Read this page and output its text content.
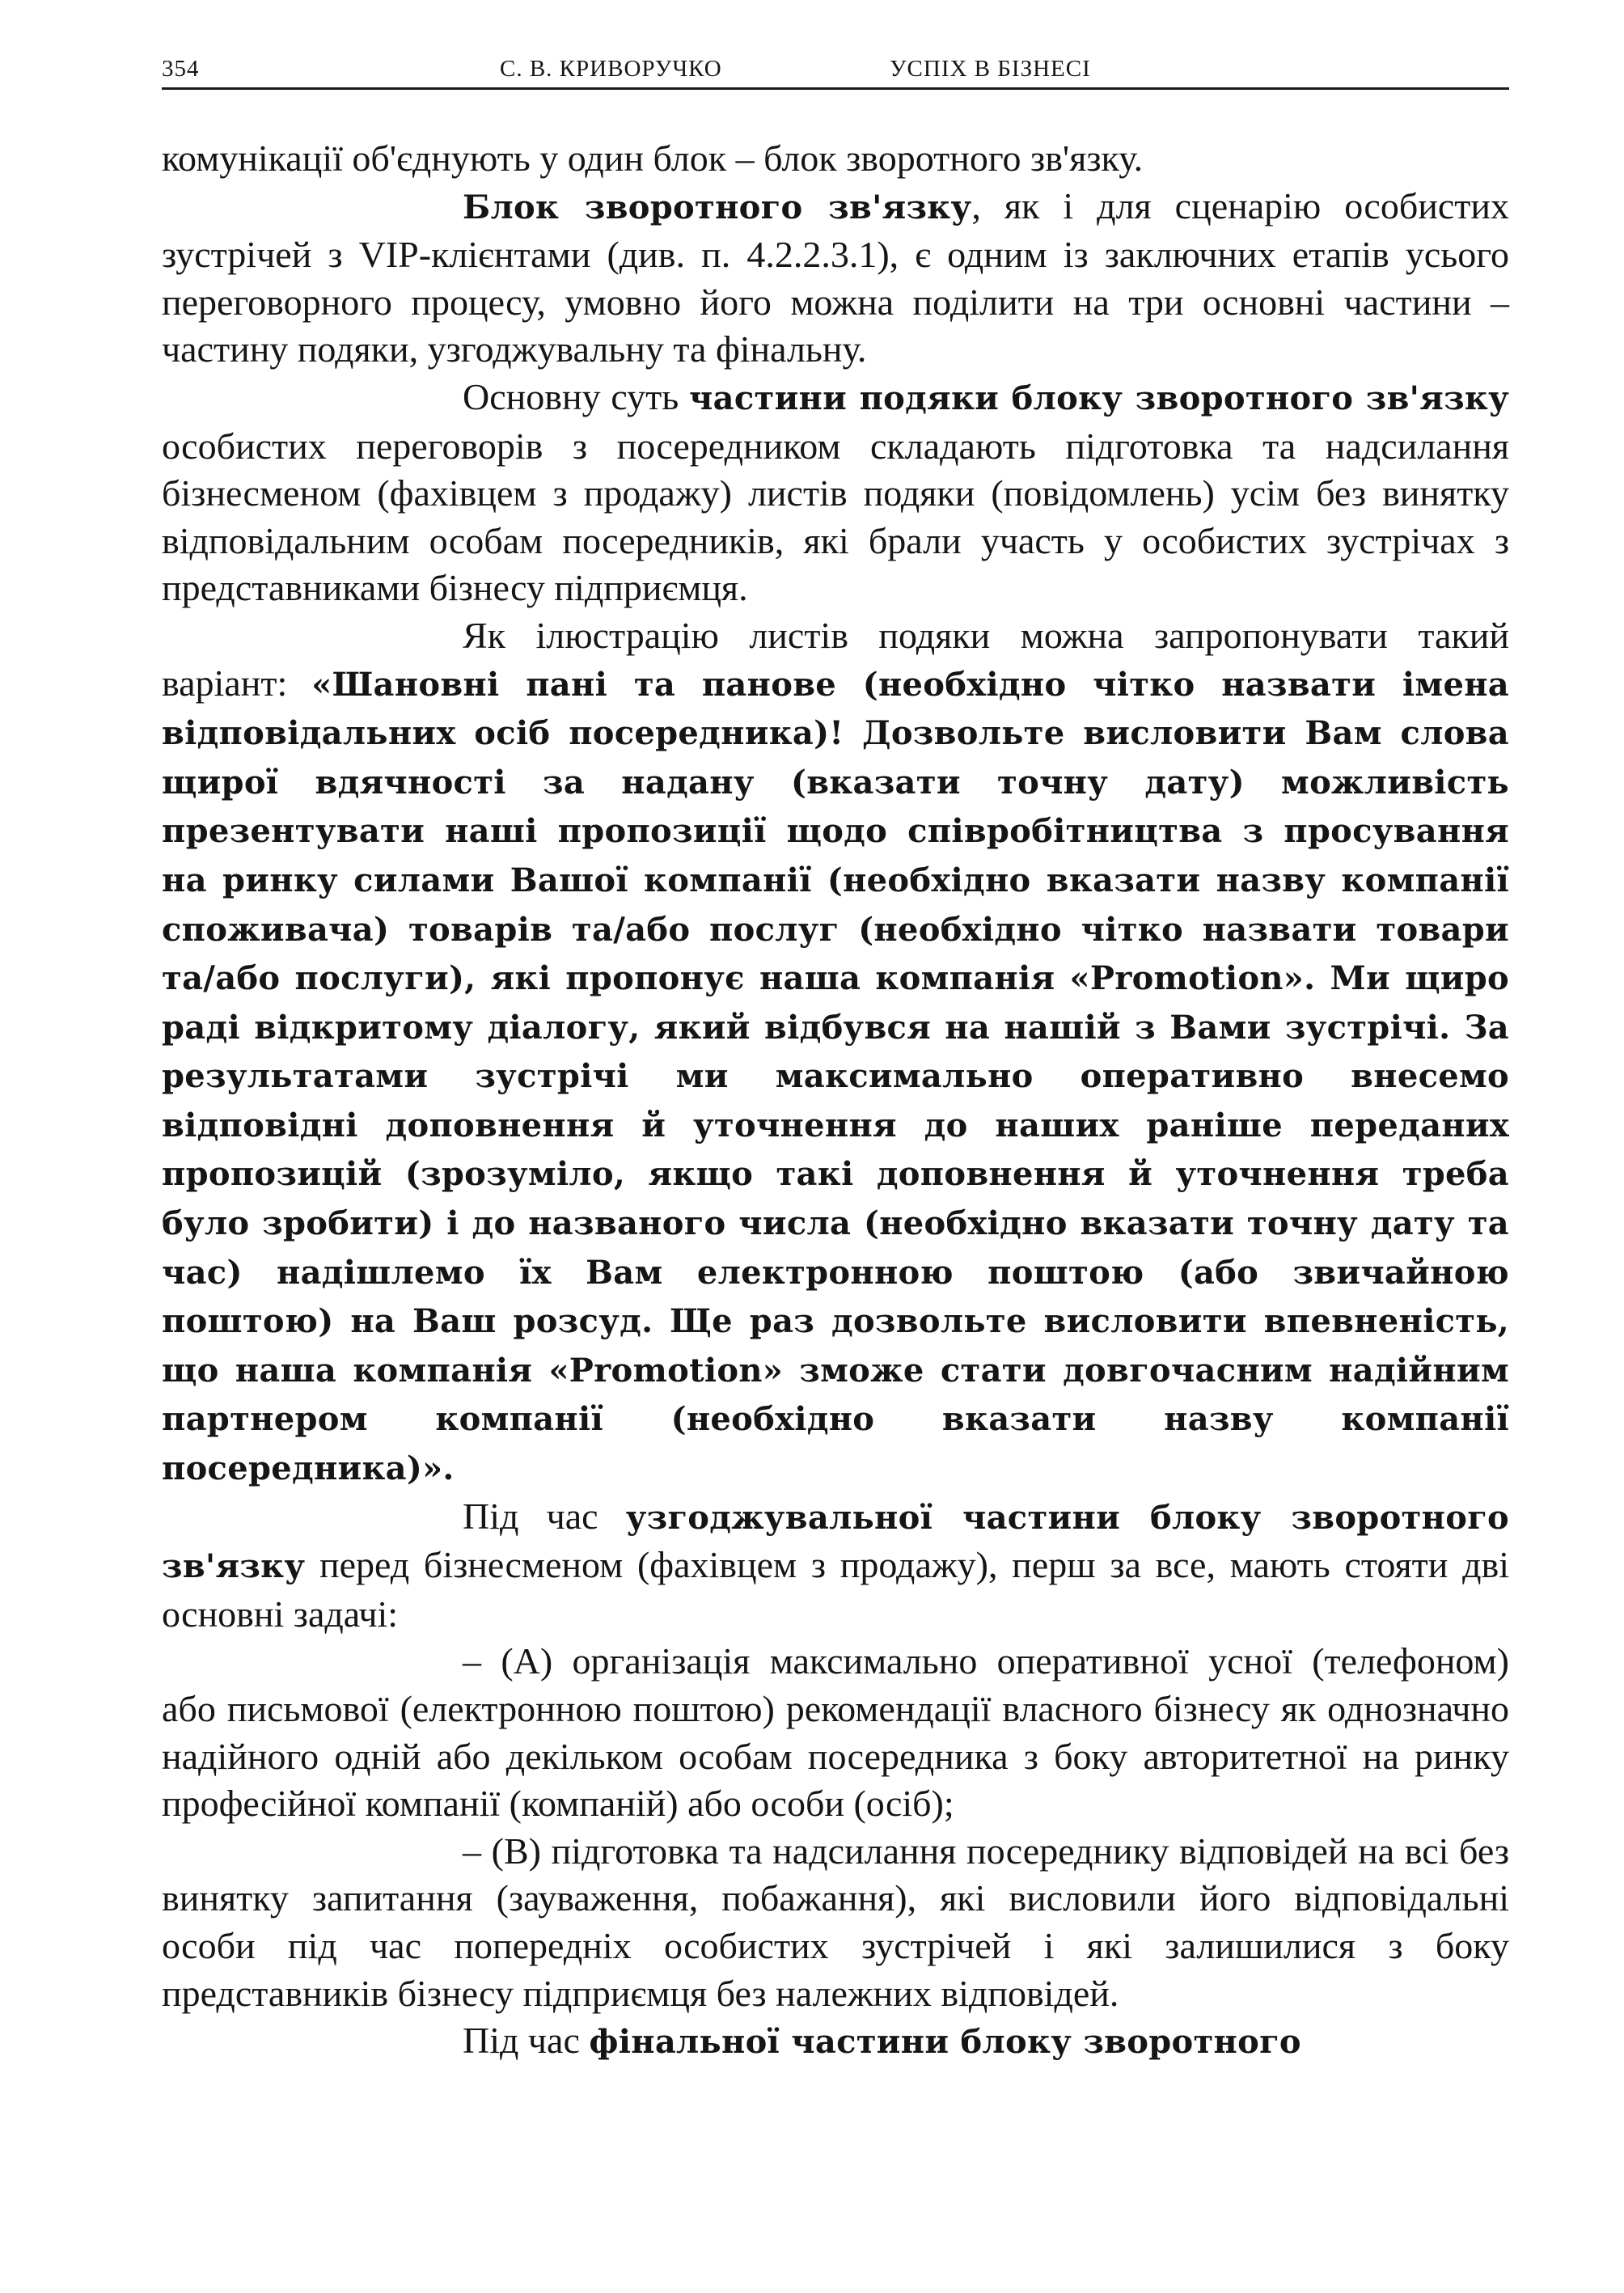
354	С. В. КРИВОРУЧКО	УСПІХ В БІЗНЕСІ

комунікації об'єднують у один блок – блок зворотного зв'язку.

Блок зворотного зв'язку, як і для сценарію особистих зустрічей з VIP-клієнтами (див. п. 4.2.2.3.1), є одним із заключних етапів усього переговорного процесу, умовно його можна поділити на три основні частини – частину подяки, узгоджувальну та фінальну.

Основну суть частини подяки блоку зворотного зв'язку особистих переговорів з посередником складають підготовка та надсилання бізнесменом (фахівцем з продажу) листів подяки (повідомлень) усім без винятку відповідальним особам посередників, які брали участь у особистих зустрічах з представниками бізнесу підприємця.

Як ілюстрацію листів подяки можна запропонувати такий варіант: «Шановні пані та панове (необхідно чітко назвати імена відповідальних осіб посередника)! Дозвольте висловити Вам слова щирої вдячності за надану (вказати точну дату) можливість презентувати наші пропозиції щодо співробітництва з просування на ринку силами Вашої компанії (необхідно вказати назву компанії споживача) товарів та/або послуг (необхідно чітко назвати товари та/або послуги), які пропонує наша компанія «Promotion». Ми щиро раді відкритому діалогу, який відбувся на нашій з Вами зустрічі. За результатами зустрічі ми максимально оперативно внесемо відповідні доповнення й уточнення до наших раніше переданих пропозицій (зрозуміло, якщо такі доповнення й уточнення треба було зробити) і до названого числа (необхідно вказати точну дату та час) надішлемо їх Вам електронною поштою (або звичайною поштою) на Ваш розсуд. Ще раз дозвольте висловити впевненість, що наша компанія «Promotion» зможе стати довгочасним надійним партнером компанії (необхідно вказати назву компанії посередника)».

Під час узгоджувальної частини блоку зворотного зв'язку перед бізнесменом (фахівцем з продажу), перш за все, мають стояти дві основні задачі:

– (A) організація максимально оперативної усної (телефоном) або письмової (електронною поштою) рекомендації власного бізнесу як однозначно надійного одній або декільком особам посередника з боку авторитетної на ринку професійної компанії (компаній) або особи (осіб);

– (B) підготовка та надсилання посереднику відповідей на всі без винятку запитання (зауваження, побажання), які висловили його відповідальні особи під час попередніх особистих зустрічей і які залишилися з боку представників бізнесу підприємця без належних відповідей.

Під час фінальної частини блоку зворотного
